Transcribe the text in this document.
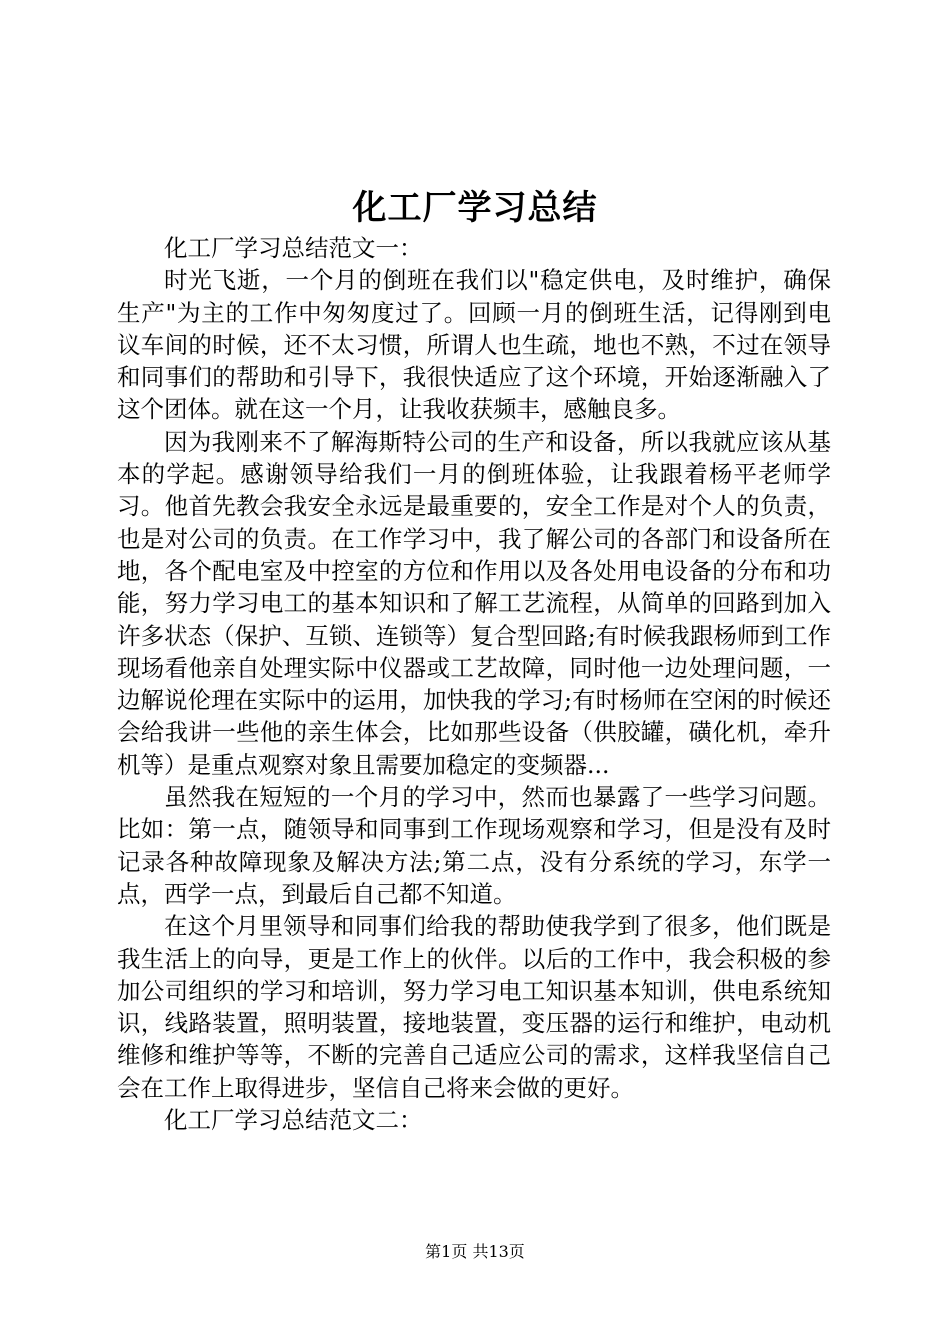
化工厂学习总结

化工厂学习总结范文一：

时光飞逝，一个月的倒班在我们以"稳定供电，及时维护，确保生产"为主的工作中匆匆度过了。回顾一月的倒班生活，记得刚到电议车间的时候，还不太习惯，所谓人也生疏，地也不熟，不过在领导和同事们的帮助和引导下，我很快适应了这个环境，开始逐渐融入了这个团体。就在这一个月，让我收获频丰，感触良多。

因为我刚来不了解海斯特公司的生产和设备，所以我就应该从基本的学起。感谢领导给我们一月的倒班体验，让我跟着杨平老师学习。他首先教会我安全永远是最重要的，安全工作是对个人的负责，也是对公司的负责。在工作学习中，我了解公司的各部门和设备所在地，各个配电室及中控室的方位和作用以及各处用电设备的分布和功能，努力学习电工的基本知识和了解工艺流程，从简单的回路到加入许多状态（保护、互锁、连锁等）复合型回路;有时候我跟杨师到工作现场看他亲自处理实际中仪器或工艺故障，同时他一边处理问题，一边解说伦理在实际中的运用，加快我的学习;有时杨师在空闲的时候还会给我讲一些他的亲生体会，比如那些设备（供胶罐，磺化机，牵升机等）是重点观察对象且需要加稳定的变频器...

虽然我在短短的一个月的学习中，然而也暴露了一些学习问题。比如：第一点，随领导和同事到工作现场观察和学习，但是没有及时记录各种故障现象及解决方法;第二点，没有分系统的学习，东学一点，西学一点，到最后自己都不知道。

在这个月里领导和同事们给我的帮助使我学到了很多，他们既是我生活上的向导，更是工作上的伙伴。以后的工作中，我会积极的参加公司组织的学习和培训，努力学习电工知识基本知训，供电系统知识，线路装置，照明装置，接地装置，变压器的运行和维护，电动机维修和维护等等，不断的完善自己适应公司的需求，这样我坚信自己会在工作上取得进步，坚信自己将来会做的更好。

化工厂学习总结范文二：

第1页 共13页
